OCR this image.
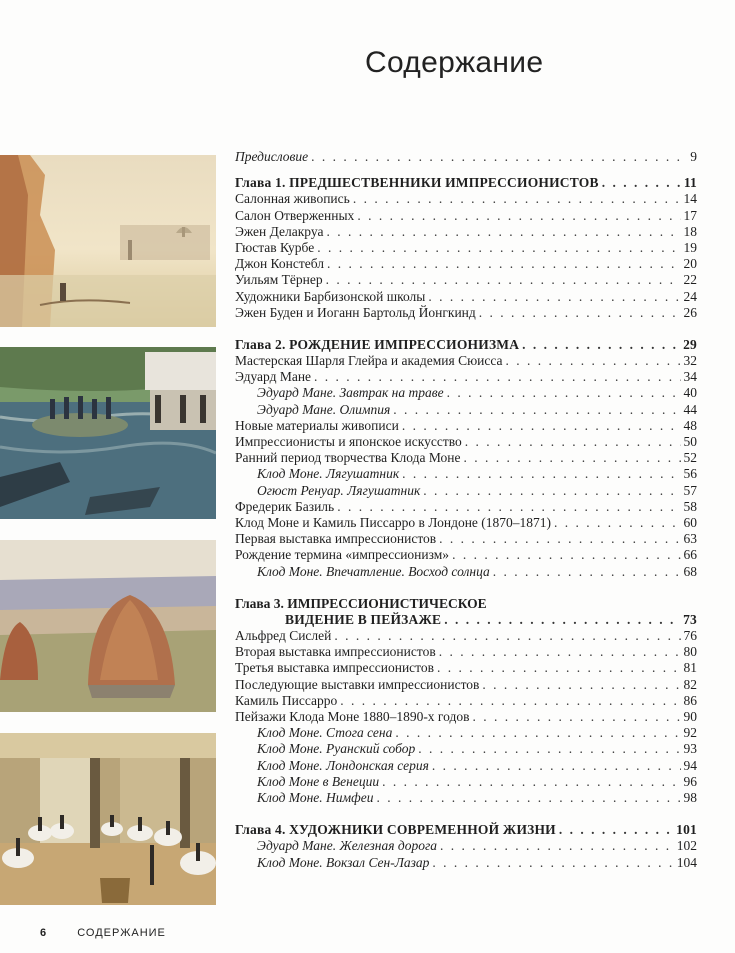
Содержание
Предисловие . . .	9
Глава 1. ПРЕДШЕСТВЕННИКИ ИМПРЕССИОНИСТОВ . . .	11
Салонная живопись . . .	14
Салон Отверженных . . .	17
Эжен Делакруа . . .	18
Гюстав Курбе . . .	19
Джон Констебл . . .	20
Уильям Тёрнер . . .	22
Художники Барбизонской школы . . .	24
Эжен Буден и Иоганн Бартольд Йонгкинд . . .	26
Глава 2. РОЖДЕНИЕ ИМПРЕССИОНИЗМА . . .	29
Мастерская Шарля Глейра и академия Сюисса . . .	32
Эдуард Мане . . .	34
Эдуард Мане. Завтрак на траве . . .	40
Эдуард Мане. Олимпия . . .	44
Новые материалы живописи . . .	48
Импрессионисты и японское искусство . . .	50
Ранний период творчества Клода Моне . . .	52
Клод Моне. Лягушатник . . .	56
Огюст Ренуар. Лягушатник . . .	57
Фредерик Базиль . . .	58
Клод Моне и Камиль Писсарро в Лондоне (1870–1871) . . .	60
Первая выставка импрессионистов . . .	63
Рождение термина «импрессионизм» . . .	66
Клод Моне. Впечатление. Восход солнца . . .	68
Глава 3. ИМПРЕССИОНИСТИЧЕСКОЕ
ВИДЕНИЕ В ПЕЙЗАЖЕ . . .	73
Альфред Сислей . . .	76
Вторая выставка импрессионистов . . .	80
Третья выставка импрессионистов . . .	81
Последующие выставки импрессионистов . . .	82
Камиль Писсарро . . .	86
Пейзажи Клода Моне 1880–1890-х годов . . .	90
Клод Моне. Стога сена . . .	92
Клод Моне. Руанский собор . . .	93
Клод Моне. Лондонская серия . . .	94
Клод Моне в Венеции . . .	96
Клод Моне. Нимфеи . . .	98
Глава 4. ХУДОЖНИКИ СОВРЕМЕННОЙ ЖИЗНИ . . .	101
Эдуард Мане. Железная дорога . . .	102
Клод Моне. Вокзал Сен-Лазар . . .	104
6	СОДЕРЖАНИЕ
